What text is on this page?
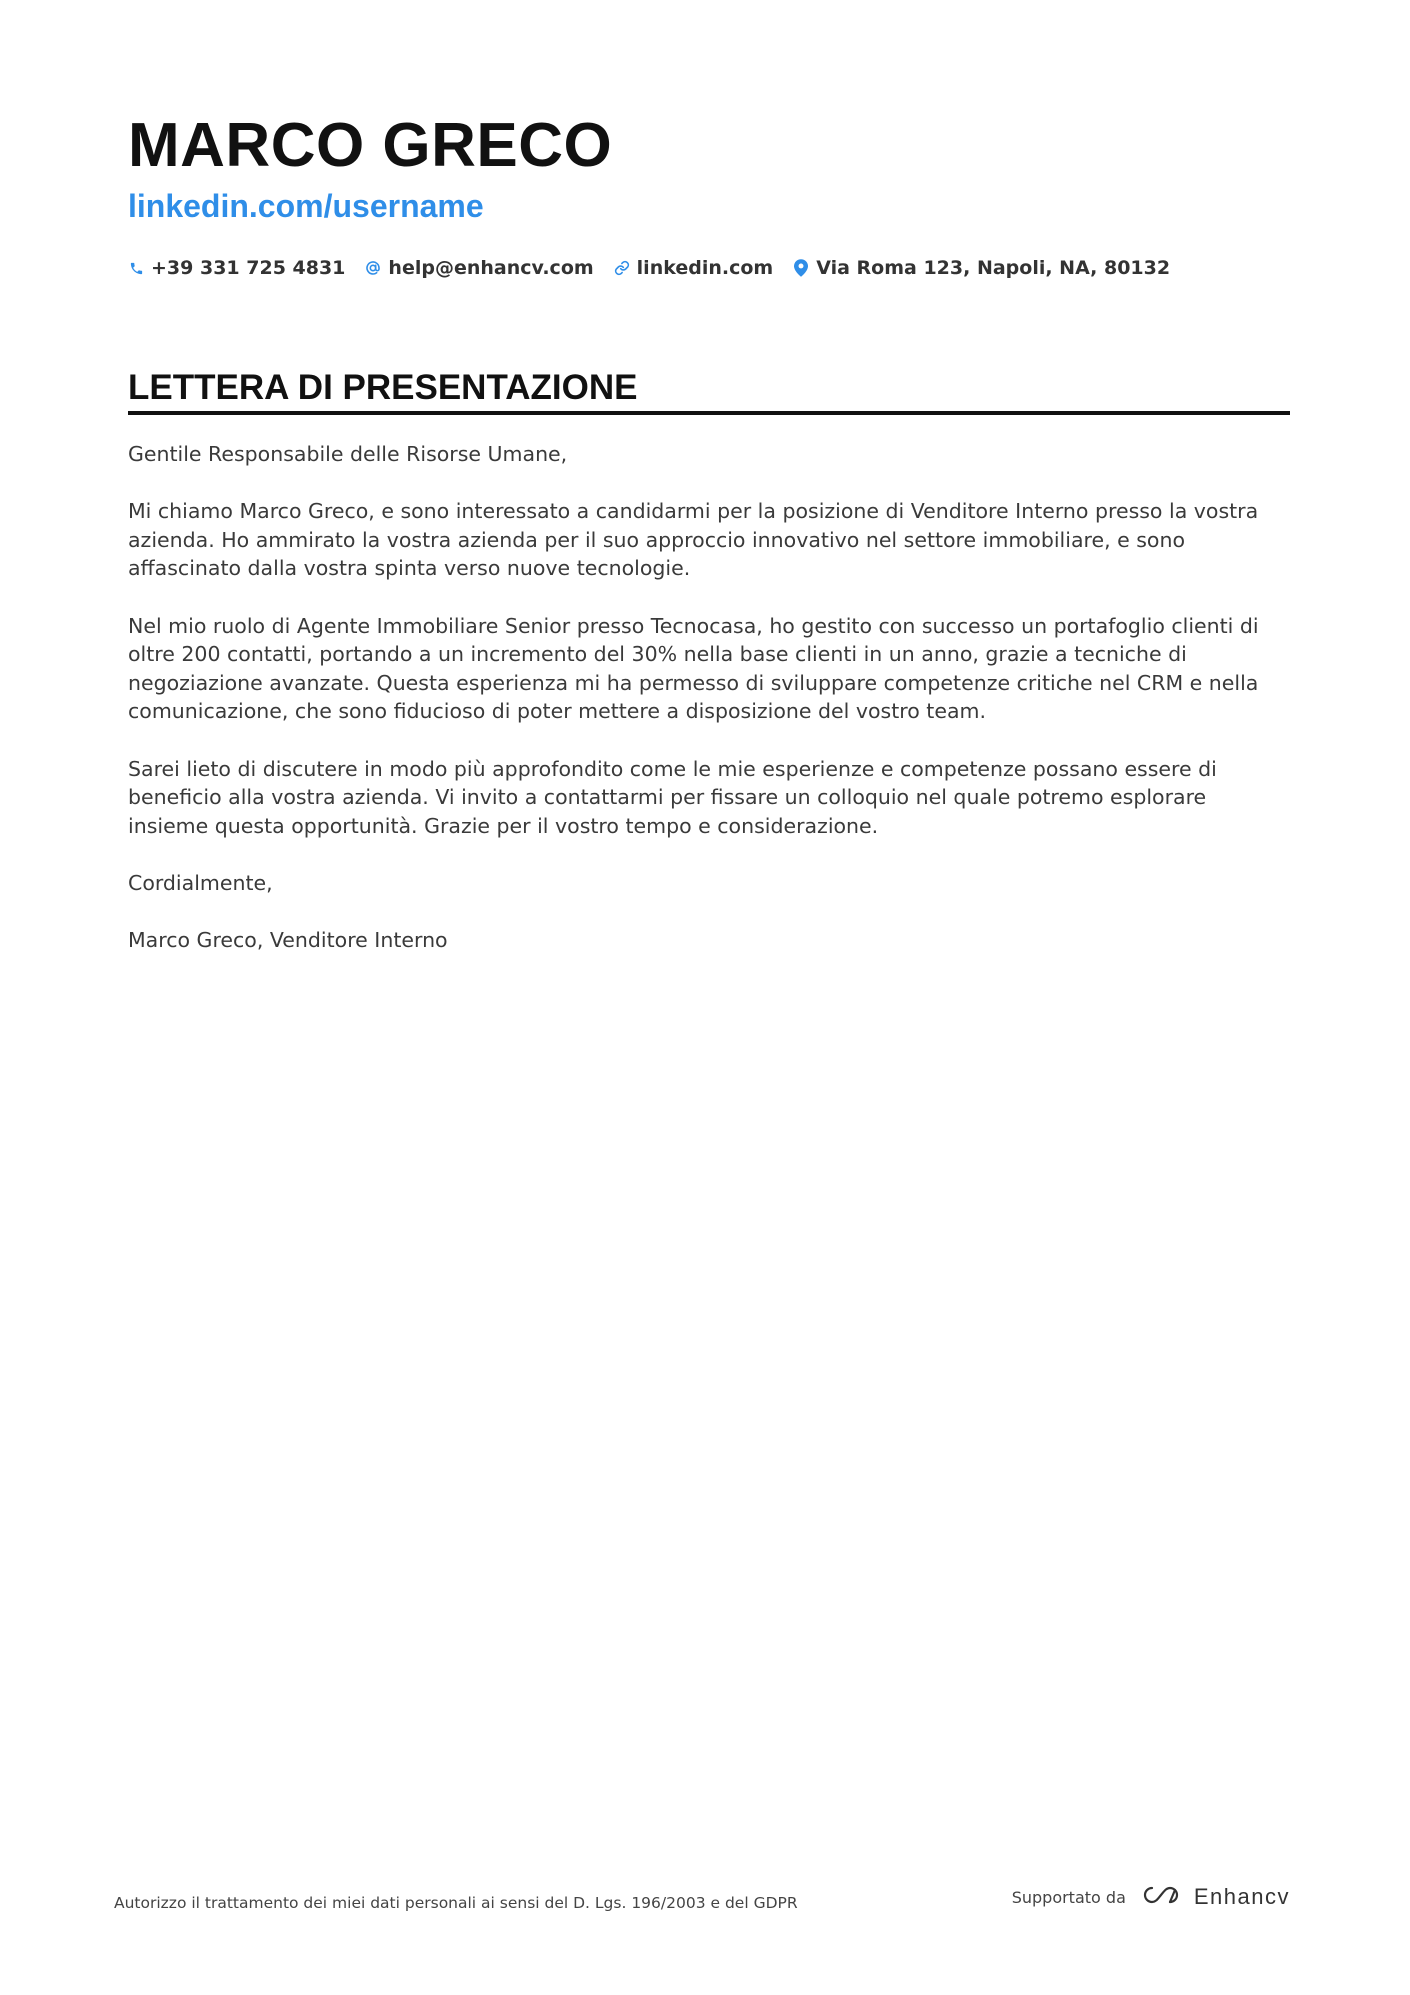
MARCO GRECO
linkedin.com/username
+39 331 725 4831 help@enhancv.com linkedin.com Via Roma 123, Napoli, NA, 80132
LETTERA DI PRESENTAZIONE

Gentile Responsabile delle Risorse Umane,

Mi chiamo Marco Greco, e sono interessato a candidarmi per la posizione di Venditore Interno presso la vostra azienda. Ho ammirato la vostra azienda per il suo approccio innovativo nel settore immobiliare, e sono affascinato dalla vostra spinta verso nuove tecnologie.

Nel mio ruolo di Agente Immobiliare Senior presso Tecnocasa, ho gestito con successo un portafoglio clienti di oltre 200 contatti, portando a un incremento del 30% nella base clienti in un anno, grazie a tecniche di negoziazione avanzate. Questa esperienza mi ha permesso di sviluppare competenze critiche nel CRM e nella comunicazione, che sono fiducioso di poter mettere a disposizione del vostro team.

Sarei lieto di discutere in modo più approfondito come le mie esperienze e competenze possano essere di beneficio alla vostra azienda. Vi invito a contattarmi per fissare un colloquio nel quale potremo esplorare insieme questa opportunità. Grazie per il vostro tempo e considerazione.

Cordialmente,

Marco Greco, Venditore Interno

Autorizzo il trattamento dei miei dati personali ai sensi del D. Lgs. 196/2003 e del GDPR	Supportato da	Enhancv
